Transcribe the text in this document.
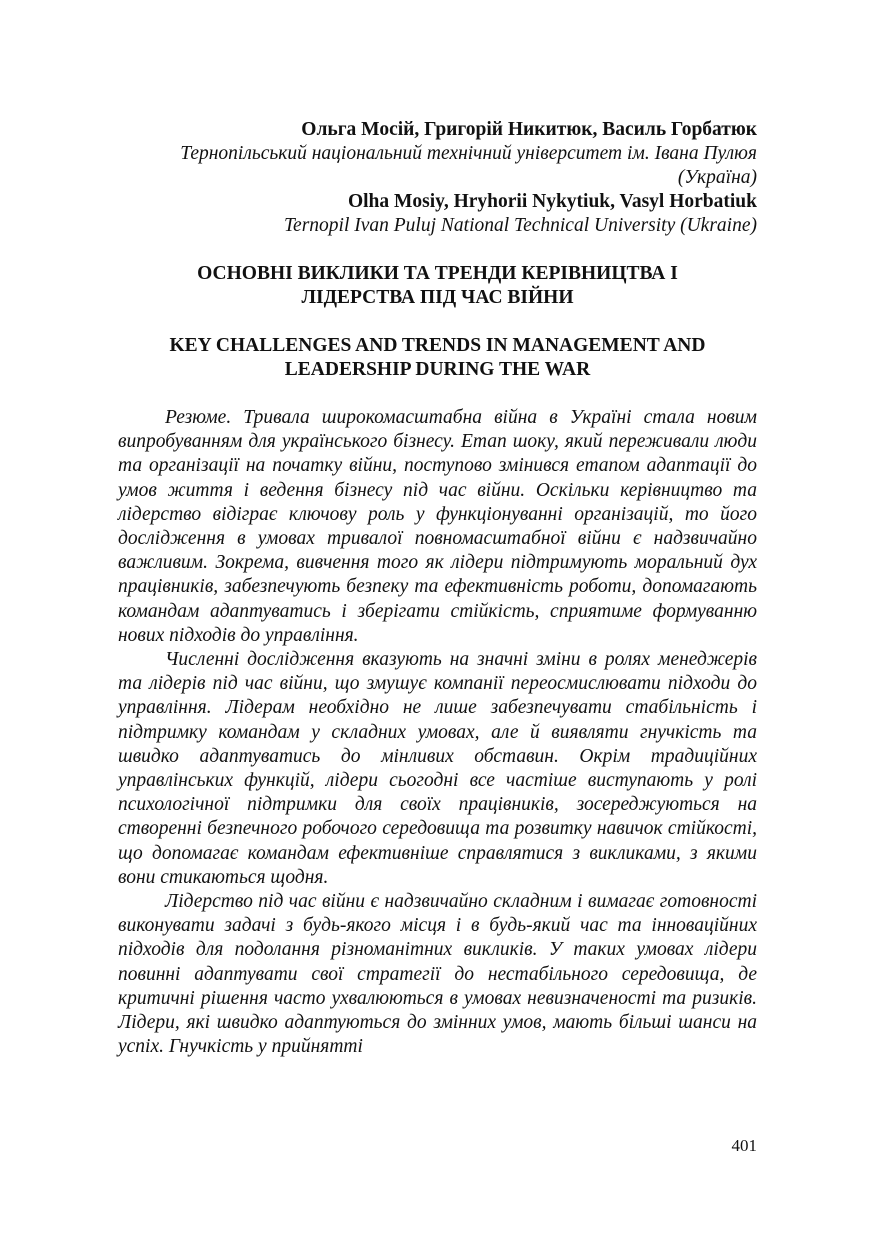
Ольга Мосій, Григорій Никитюк, Василь Горбатюк
Тернопільський національний технічний університет ім. Івана Пулюя
(Україна)
Olha Mosiy, Hryhorii Nykytiuk, Vasyl Horbatiuk
Ternopil Ivan Puluj National Technical University (Ukraine)
ОСНОВНІ ВИКЛИКИ ТА ТРЕНДИ КЕРІВНИЦТВА І ЛІДЕРСТВА ПІД ЧАС ВІЙНИ
KEY CHALLENGES AND TRENDS IN MANAGEMENT AND LEADERSHIP DURING THE WAR

Резюме. Тривала широкомасштабна війна в Україні стала новим випробуванням для українського бізнесу. Етап шоку, який переживали люди та організації на початку війни, поступово змінився етапом адаптації до умов життя і ведення бізнесу під час війни. Оскільки керівництво та лідерство відіграє ключову роль у функціонуванні організацій, то його дослідження в умовах тривалої повномасштабної війни є надзвичайно важливим. Зокрема, вивчення того як лідери підтримують моральний дух працівників, забезпечують безпеку та ефективність роботи, допомагають командам адаптуватись і зберігати стійкість, сприятиме формуванню нових підходів до управління.

Численні дослідження вказують на значні зміни в ролях менеджерів та лідерів під час війни, що змушує компанії переосмислювати підходи до управління. Лідерам необхідно не лише забезпечувати стабільність і підтримку командам у складних умовах, але й виявляти гнучкість та швидко адаптуватись до мінливих обставин. Окрім традиційних управлінських функцій, лідери сьогодні все частіше виступають у ролі психологічної підтримки для своїх працівників, зосереджуються на створенні безпечного робочого середовища та розвитку навичок стійкості, що допомагає командам ефективніше справлятися з викликами, з якими вони стикаються щодня.

Лідерство під час війни є надзвичайно складним і вимагає готовності виконувати задачі з будь-якого місця і в будь-який час та інноваційних підходів для подолання різноманітних викликів. У таких умовах лідери повинні адаптувати свої стратегії до нестабільного середовища, де критичні рішення часто ухвалюються в умовах невизначеності та ризиків. Лідери, які швидко адаптуються до змінних умов, мають більші шанси на успіх. Гнучкість у прийнятті

401
